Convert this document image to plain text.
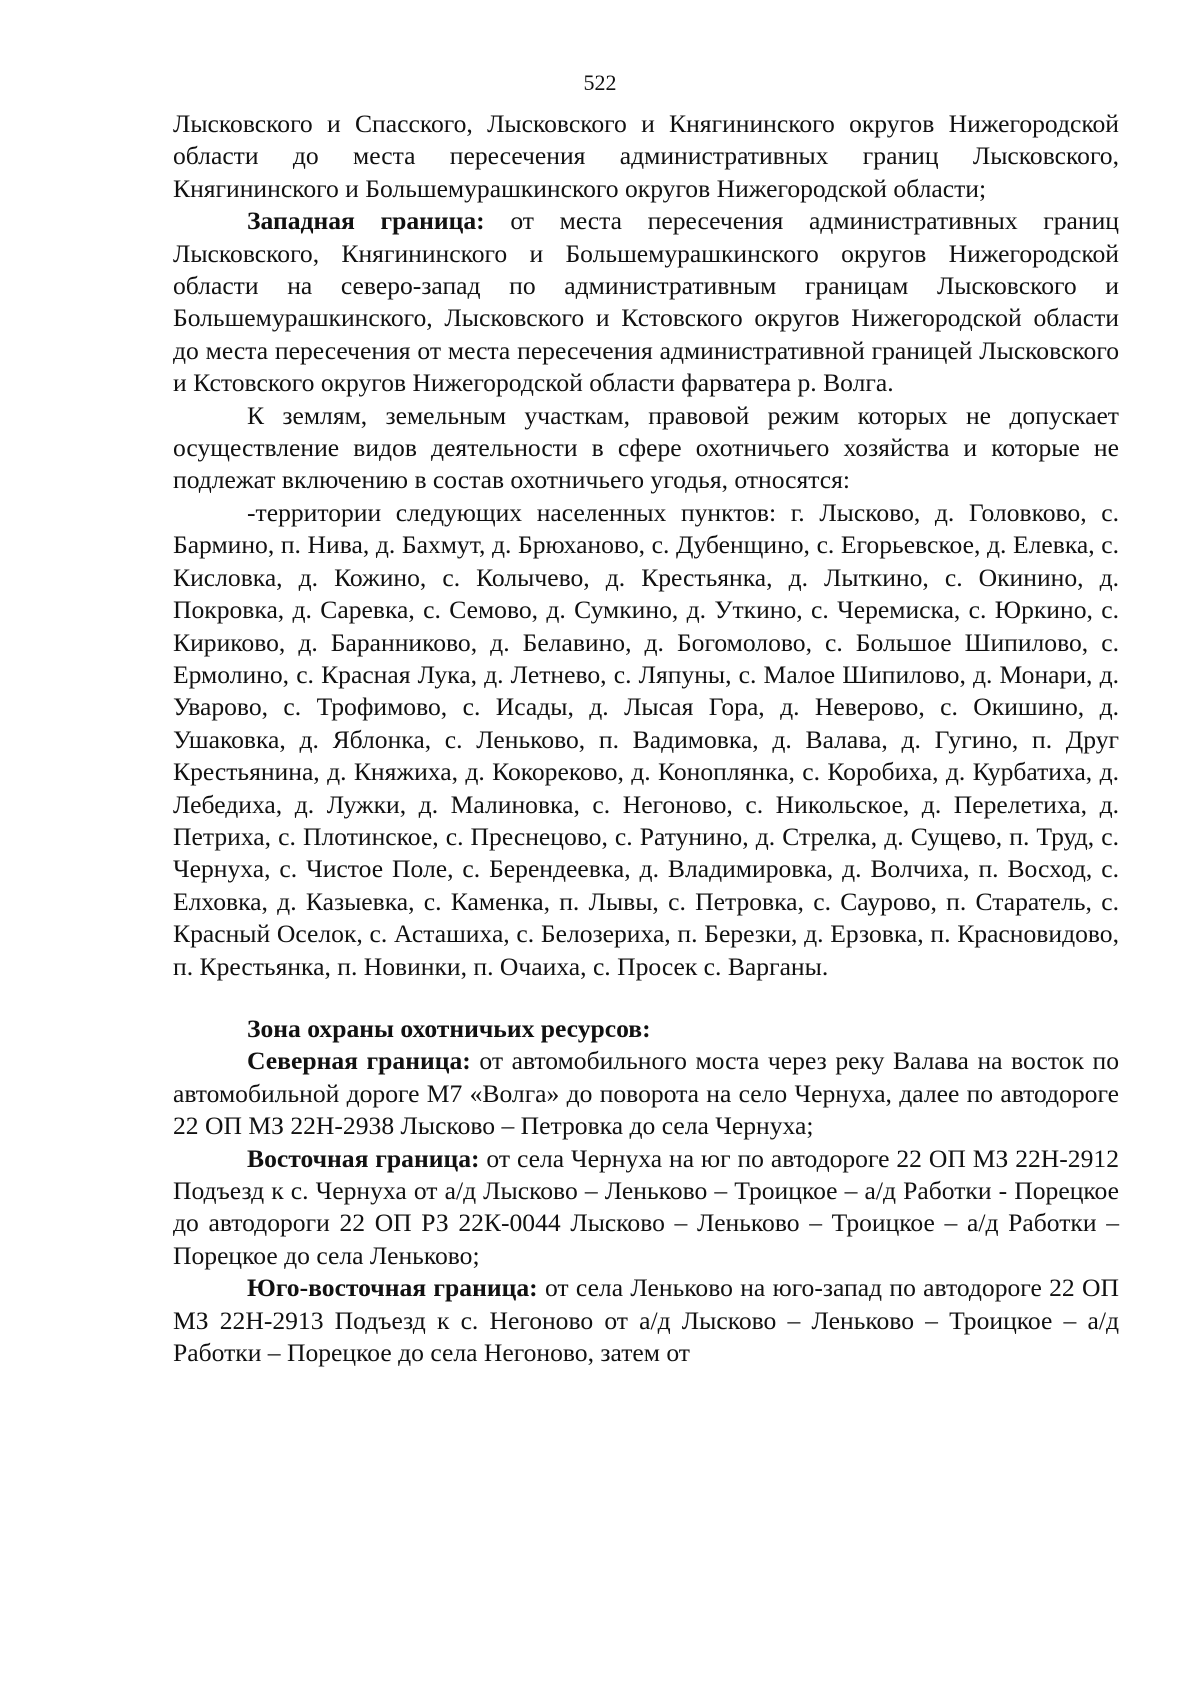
522

Лысковского и Спасского, Лысковского и Княгининского округов Нижегородской области до места пересечения административных границ Лысковского, Княгининского и Большемурашкинского округов Нижегородской области;

Западная граница: от места пересечения административных границ Лысковского, Княгининского и Большемурашкинского округов Нижегородской области на северо-запад по административным границам Лысковского и Большемурашкинского, Лысковского и Кстовского округов Нижегородской области до места пересечения от места пересечения административной границей Лысковского и Кстовского округов Нижегородской области фарватера р. Волга.

К землям, земельным участкам, правовой режим которых не допускает осуществление видов деятельности в сфере охотничьего хозяйства и которые не подлежат включению в состав охотничьего угодья, относятся:

-территории следующих населенных пунктов: г. Лысково, д. Головково, с. Бармино, п. Нива, д. Бахмут, д. Брюханово, с. Дубенщино, с. Егорьевское, д. Елевка, с. Кисловка, д. Кожино, с. Колычево, д. Крестьянка, д. Лыткино, с. Окинино, д. Покровка, д. Саревка, с. Семово, д. Сумкино, д. Уткино, с. Черемиска, с. Юркино, с. Кириково, д. Баранниково, д. Белавино, д. Богомолово, с. Большое Шипилово, с. Ермолино, с. Красная Лука, д. Летнево, с. Ляпуны, с. Малое Шипилово, д. Монари, д. Уварово, с. Трофимово, с. Исады, д. Лысая Гора, д. Неверово, с. Окишино, д. Ушаковка, д. Яблонка, с. Леньково, п. Вадимовка, д. Валава, д. Гугино, п. Друг Крестьянина, д. Княжиха, д. Кокореково, д. Коноплянка, с. Коробиха, д. Курбатиха, д. Лебедиха, д. Лужки, д. Малиновка, с. Негоново, с. Никольское, д. Перелетиха, д. Петриха, с. Плотинское, с. Преснецово, с. Ратунино, д. Стрелка, д. Сущево, п. Труд, с. Чернуха, с. Чистое Поле, с. Берендеевка, д. Владимировка, д. Волчиха, п. Восход, с. Елховка, д. Казыевка, с. Каменка, п. Лывы, с. Петровка, с. Саурово, п. Старатель, с. Красный Оселок, с. Асташиха, с. Белозериха, п. Березки, д. Ерзовка, п. Красновидово, п. Крестьянка, п. Новинки, п. Очаиха, с. Просек с. Варганы.

Зона охраны охотничьих ресурсов:

Северная граница: от автомобильного моста через реку Валава на восток по автомобильной дороге М7 «Волга» до поворота на село Чернуха, далее по автодороге 22 ОП МЗ 22Н-2938 Лысково – Петровка до села Чернуха;

Восточная граница: от села Чернуха на юг по автодороге 22 ОП МЗ 22Н-2912 Подъезд к с. Чернуха от а/д Лысково – Леньково – Троицкое – а/д Работки - Порецкое до автодороги 22 ОП РЗ 22К-0044 Лысково – Леньково – Троицкое – а/д Работки – Порецкое до села Леньково;

Юго-восточная граница: от села Леньково на юго-запад по автодороге 22 ОП МЗ 22Н-2913 Подъезд к с. Негоново от а/д Лысково – Леньково – Троицкое – а/д Работки – Порецкое до села Негоново, затем от
